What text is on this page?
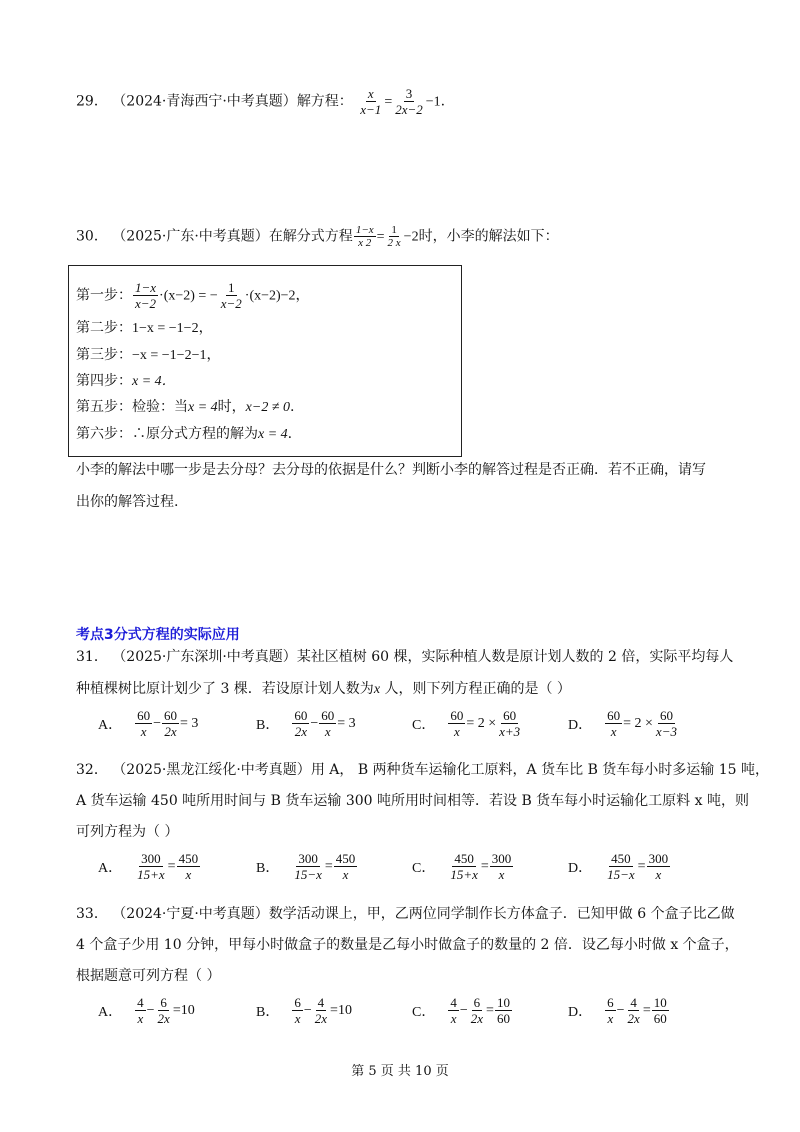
29． （2024·青海西宁·中考真题）解方程： $\frac{x}{x-1} = \frac{3}{2x-2} -1$.
30． （2025·广东·中考真题）在解分式方程 $\frac{1-x}{x 2} = \frac{1}{2 x} -2$时，小李的解法如下：
第一步： $\frac{1-x}{x-2} \cdot(x-2)$ = − $\frac{1}{x-2} \cdot(x-2)-2$，
第二步：1−x = −1−2，
第三步：−x = −1−2−1，
第四步：x = 4．
第五步：检验：当x = 4时，x−2 ≠ 0.
第六步：∴原分式方程的解为x = 4.
小李的解法中哪一步是去分母？去分母的依据是什么？判断小李的解答过程是否正确．若不正确，请写
出你的解答过程.
考点3分式方程的实际应用
31． （2025·广东深圳·中考真题）某社区植树 60 棵，实际种植人数是原计划人数的 2 倍，实际平均每人
种植棵树比原计划少了 3 棵．若设原计划人数为x 人，则下列方程正确的是（ ）
A． $\frac{60}{x} - \frac{60}{2x} = 3$	B． $\frac{60}{2x} - \frac{60}{x} = 3$	C． $\frac{60}{x} = 2 \times \frac{60}{x+3}$	D． $\frac{60}{x} = 2 \times \frac{60}{x-3}$
32． （2025·黑龙江绥化·中考真题）用 A， B 两种货车运输化工原料，A 货车比 B 货车每小时多运输 15 吨，
A 货车运输 450 吨所用时间与 B 货车运输 300 吨所用时间相等．若设 B 货车每小时运输化工原料 x 吨，则
可列方程为（ ）
A． $\frac{300}{15+x} = \frac{450}{x}$	B． $\frac{300}{15-x} = \frac{450}{x}$	C． $\frac{450}{15+x} = \frac{300}{x}$	D． $\frac{450}{15-x} = \frac{300}{x}$
33． （2024·宁夏·中考真题）数学活动课上，甲，乙两位同学制作长方体盒子．已知甲做 6 个盒子比乙做
4 个盒子少用 10 分钟，甲每小时做盒子的数量是乙每小时做盒子的数量的 2 倍．设乙每小时做 x 个盒子，
根据题意可列方程（ ）
A． $\frac{4}{x} - \frac{6}{2x} = 10$	B． $\frac{6}{x} - \frac{4}{2x} = 10$	C． $\frac{4}{x} - \frac{6}{2x} = \frac{10}{60}$	D． $\frac{6}{x} - \frac{4}{2x} = \frac{10}{60}$
第 5 页 共 10 页
